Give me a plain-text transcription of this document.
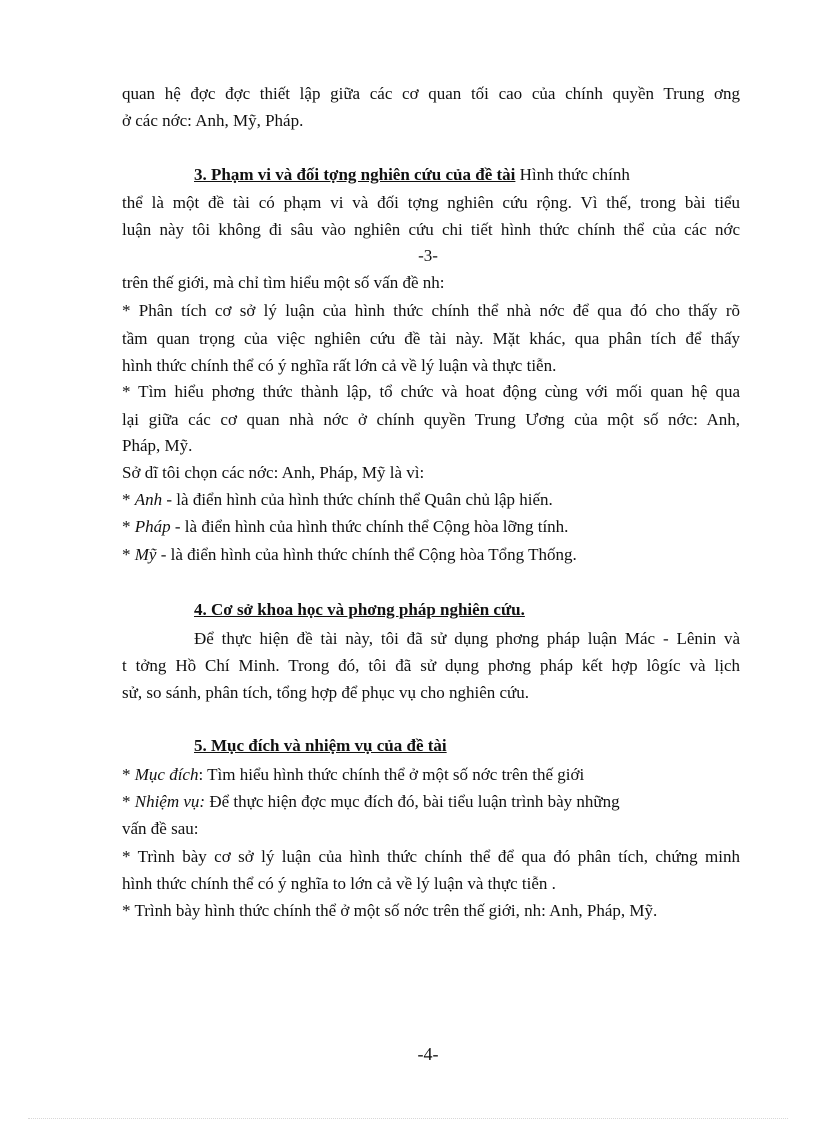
quan hệ đợc đợc thiết lập giữa các cơ quan tối cao của chính quyền Trung ơng
ở các nớc: Anh, Mỹ, Pháp.
3. Phạm vi và đối tợng nghiên cứu của đề tài Hình thức chính
thể là một đề tài có phạm vi và đối tợng nghiên cứu rộng. Vì thế, trong bài tiểu
luận này tôi không đi sâu vào nghiên cứu chi tiết hình thức chính thể của các nớc
-3-
trên thế giới, mà chỉ tìm hiểu một số vấn đề nh:
* Phân tích cơ sở lý luận của hình thức chính thể nhà nớc để qua đó cho thấy rõ
tầm quan trọng của việc nghiên cứu đề tài này. Mặt khác, qua phân tích để thấy
hình thức chính thể có ý nghĩa rất lớn cả về lý luận và thực tiễn.
* Tìm hiểu phơng thức thành lập, tổ chức và hoat động cùng với mối quan hệ qua
lại giữa các cơ quan nhà nớc ở chính quyền Trung Ương của một số nớc: Anh,
Pháp, Mỹ.
Sở dĩ tôi chọn các nớc: Anh, Pháp, Mỹ là vì:
* Anh - là điển hình của hình thức chính thể Quân chủ lập hiến.
* Pháp - là điển hình của hình thức chính thể Cộng hòa lỡng tính.
* Mỹ - là điển hình của hình thức chính thể Cộng hòa Tổng Thống.
4. Cơ sở khoa học và phơng pháp nghiên cứu.
Để thực hiện đề tài này, tôi đã sử dụng phơng pháp luận Mác - Lênin và
t tởng Hồ Chí Minh. Trong đó, tôi đã sử dụng phơng pháp kết hợp lôgíc và lịch
sử, so sánh, phân tích, tổng hợp để phục vụ cho nghiên cứu.
5. Mục đích và nhiệm vụ của đề tài
* Mục đích: Tìm hiểu hình thức chính thể ở một số nớc trên thế giới
* Nhiệm vụ: Để thực hiện đợc mục đích đó, bài tiểu luận trình bày những
vấn đề sau:
* Trình bày cơ sở lý luận của hình thức chính thể để qua đó phân tích, chứng minh
hình thức chính thể có ý nghĩa to lớn cả về lý luận và thực tiễn .
* Trình bày hình thức chính thể ở một số nớc trên thế giới, nh: Anh, Pháp, Mỹ.
-4-
